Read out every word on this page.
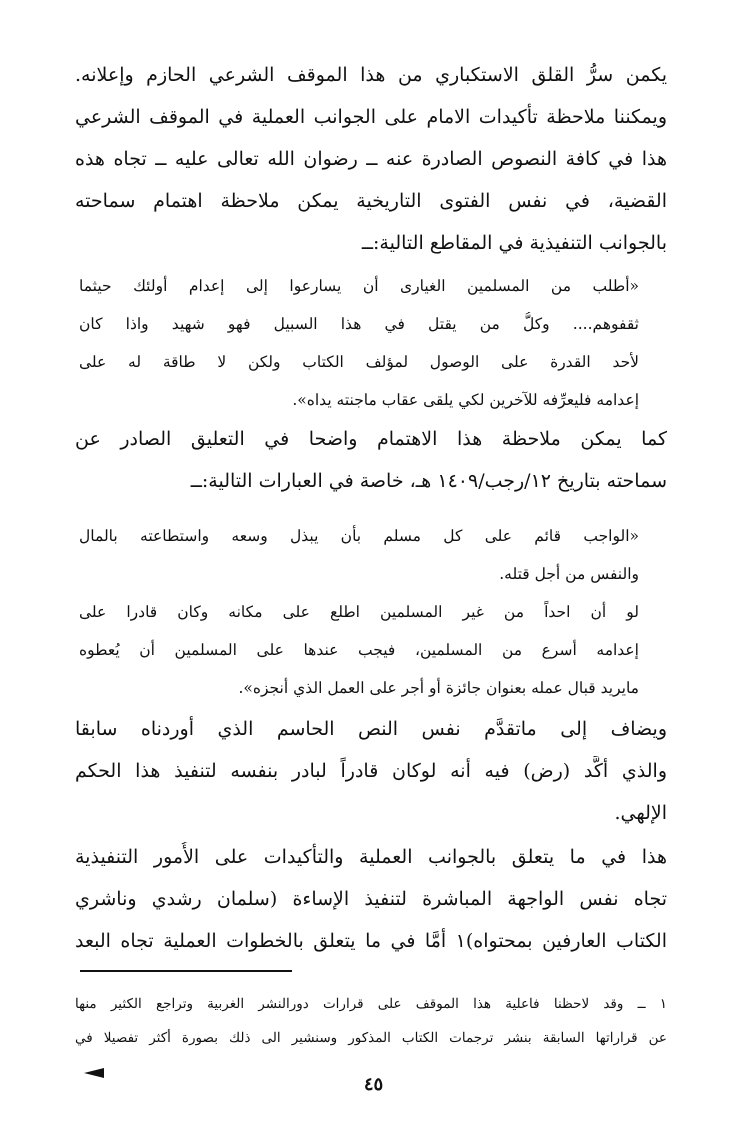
يكمن سرُّ القلق الاستكباري من هذا الموقف الشرعي الحازم وإعلانه.
ويمكننا ملاحظة تأكيدات الامام على الجوانب العملية في الموقف الشرعي
هذا في كافة النصوص الصادرة عنه ــ رضوان الله تعالى عليه ــ تجاه هذه
القضية، في نفس الفتوى التاريخية يمكن ملاحظة اهتمام سماحته
بالجوانب التنفيذية في المقاطع التالية:ــ
«أطلب من المسلمين الغيارى أن يسارعوا إلى إعدام أولئك حيثما
ثقفوهم.... وكلُّ من يقتل في هذا السبيل فهو شهيد واذا كان
لأحد القدرة على الوصول لمؤلف الكتاب ولكن لا طاقة له على
إعدامه فليعرِّفه للآخرين لكي يلقى عقاب ماجنته يداه».
كما يمكن ملاحظة هذا الاهتمام واضحا في التعليق الصادر عن
سماحته بتاريخ ١٢/رجب/١٤٠٩ هـ، خاصة في العبارات التالية:ــ
«الواجب قائم على كل مسلم بأن يبذل وسعه واستطاعته بالمال
والنفس من أجل قتله.
لو أن احداً من غير المسلمين اطلع على مكانه وكان قادرا على
إعدامه أسرع من المسلمين، فيجب عندها على المسلمين أن يُعطوه
مايريد قبال عمله بعنوان جائزة أو أجر على العمل الذي أنجزه».
ويضاف إلى ماتقدَّم نفس النص الحاسم الذي أوردناه سابقا
والذي أكَّد (رض) فيه أنه لوكان قادراً لبادر بنفسه لتنفيذ هذا الحكم
الإلهي.
هذا في ما يتعلق بالجوانب العملية والتأكيدات على الأُمور التنفيذية
تجاه نفس الواجهة المباشرة لتنفيذ الإساءة (سلمان رشدي وناشري
الكتاب العارفين بمحتواه)١ أمَّا في ما يتعلق بالخطوات العملية تجاه البعد
١ ــ وقد لاحظنا فاعلية هذا الموقف على قرارات دورالنشر الغربية وتراجع الكثير منها
عن قراراتها السابقة بنشر ترجمات الكتاب المذكور وسنشير الى ذلك بصورة أكثر تفصيلا في
٤٥
